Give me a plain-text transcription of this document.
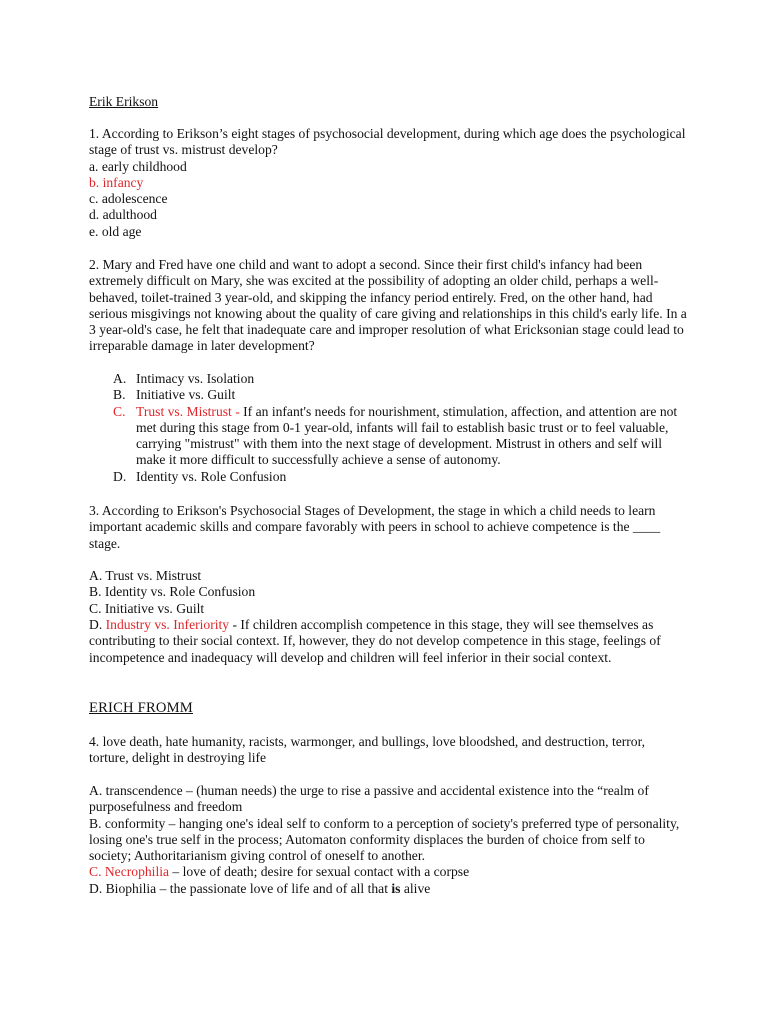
Erik Erikson
1. According to Erikson’s eight stages of psychosocial development, during which age does the psychological stage of trust vs. mistrust develop?
a. early childhood
b. infancy
c. adolescence
d. adulthood
e. old age
2. Mary and Fred have one child and want to adopt a second. Since their first child's infancy had been extremely difficult on Mary, she was excited at the possibility of adopting an older child, perhaps a well-behaved, toilet-trained 3 year-old, and skipping the infancy period entirely. Fred, on the other hand, had serious misgivings not knowing about the quality of care giving and relationships in this child's early life. In a 3 year-old's case, he felt that inadequate care and improper resolution of what Ericksonian stage could lead to irreparable damage in later development?
A. Intimacy vs. Isolation
B. Initiative vs. Guilt
C. Trust vs. Mistrust - If an infant's needs for nourishment, stimulation, affection, and attention are not met during this stage from 0-1 year-old, infants will fail to establish basic trust or to feel valuable, carrying "mistrust" with them into the next stage of development. Mistrust in others and self will make it more difficult to successfully achieve a sense of autonomy.
D. Identity vs. Role Confusion
3. According to Erikson's Psychosocial Stages of Development, the stage in which a child needs to learn important academic skills and compare favorably with peers in school to achieve competence is the ____ stage.
A. Trust vs. Mistrust
B. Identity vs. Role Confusion
C. Initiative vs. Guilt
D. Industry vs. Inferiority - If children accomplish competence in this stage, they will see themselves as contributing to their social context. If, however, they do not develop competence in this stage, feelings of incompetence and inadequacy will develop and children will feel inferior in their social context.
ERICH FROMM
4. love death, hate humanity, racists, warmonger, and bullings, love bloodshed, and destruction, terror, torture, delight in destroying life
A. transcendence – (human needs) the urge to rise a passive and accidental existence into the “realm of purposefulness and freedom
B. conformity – hanging one's ideal self to conform to a perception of society's preferred type of personality, losing one's true self in the process; Automaton conformity displaces the burden of choice from self to society; Authoritarianism giving control of oneself to another.
C. Necrophilia – love of death; desire for sexual contact with a corpse
D. Biophilia – the passionate love of life and of all that is alive
